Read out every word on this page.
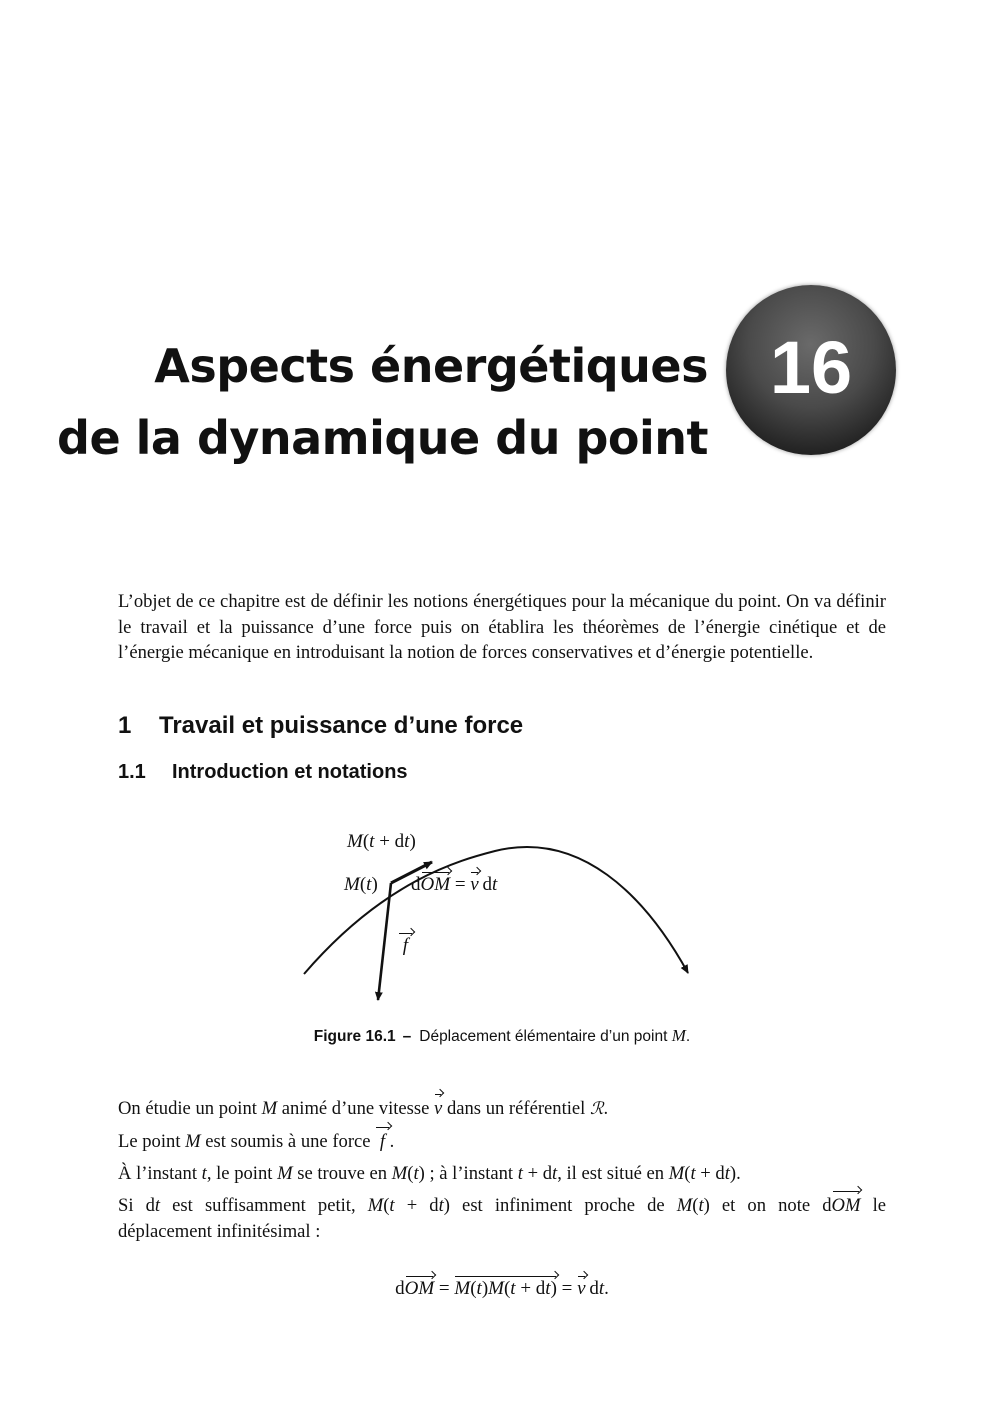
Aspects énergétiques
de la dynamique du point
16

L’objet de ce chapitre est de définir les notions énergétiques pour la mécanique du point. On va définir le travail et la puissance d’une force puis on établira les théorèmes de l’énergie cinétique et de l’énergie mécanique en introduisant la notion de forces conservatives et d’énergie potentielle.

1 Travail et puissance d’une force
1.1 Introduction et notations
M(t + dt)
M(t) dOM = v dt
f
Figure 16.1 – Déplacement élémentaire d’un point M.

On étudie un point M animé d’une vitesse v dans un référentiel ℛ.

Le point M est soumis à une force  f .

À l’instant t, le point M se trouve en M(t) ; à l’instant t + dt, il est situé en M(t + dt).

Si dt est suffisamment petit, M(t + dt) est infiniment proche de M(t) et on note dOM le

déplacement infinitésimal :

dOM = M(t)M(t + dt) = v dt.
